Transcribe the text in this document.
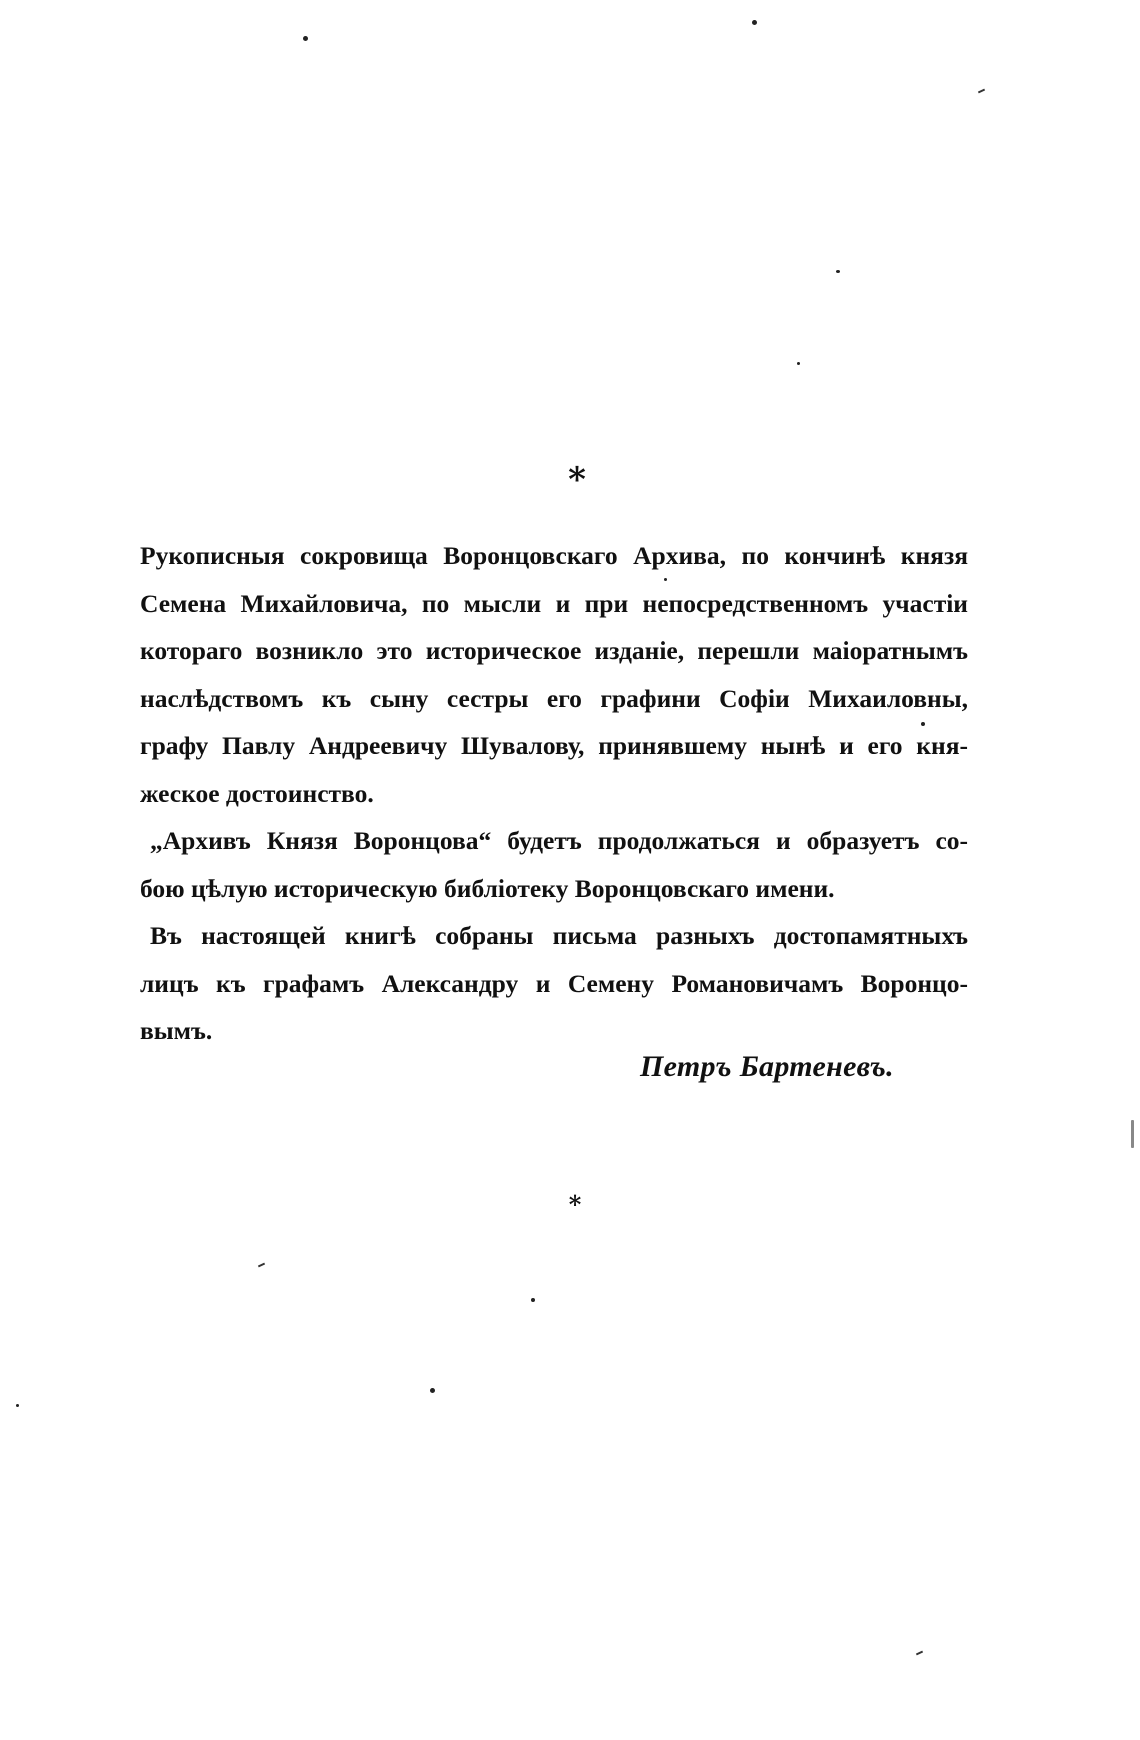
*

Рукописныя сокровища Воронцовскаго Архива, по кончинѣ князя
Семена Михайловича, по мысли и при непосредственномъ участіи
котораго возникло это историческое изданіе, перешли маіоратнымъ
наслѣдствомъ къ сыну сестры его графини Софіи Михаиловны,
графу Павлу Андреевичу Шувалову, принявшему нынѣ и его кня-
жеское достоинство.

„Архивъ Князя Воронцова“ будетъ продолжаться и образуетъ со-
бою цѣлую историческую библіотеку Воронцовскаго имени.

Въ настоящей книгѣ собраны письма разныхъ достопамятныхъ
лицъ къ графамъ Александру и Семену Романовичамъ Воронцо-
вымъ.

Петръ Бартеневъ.
*
